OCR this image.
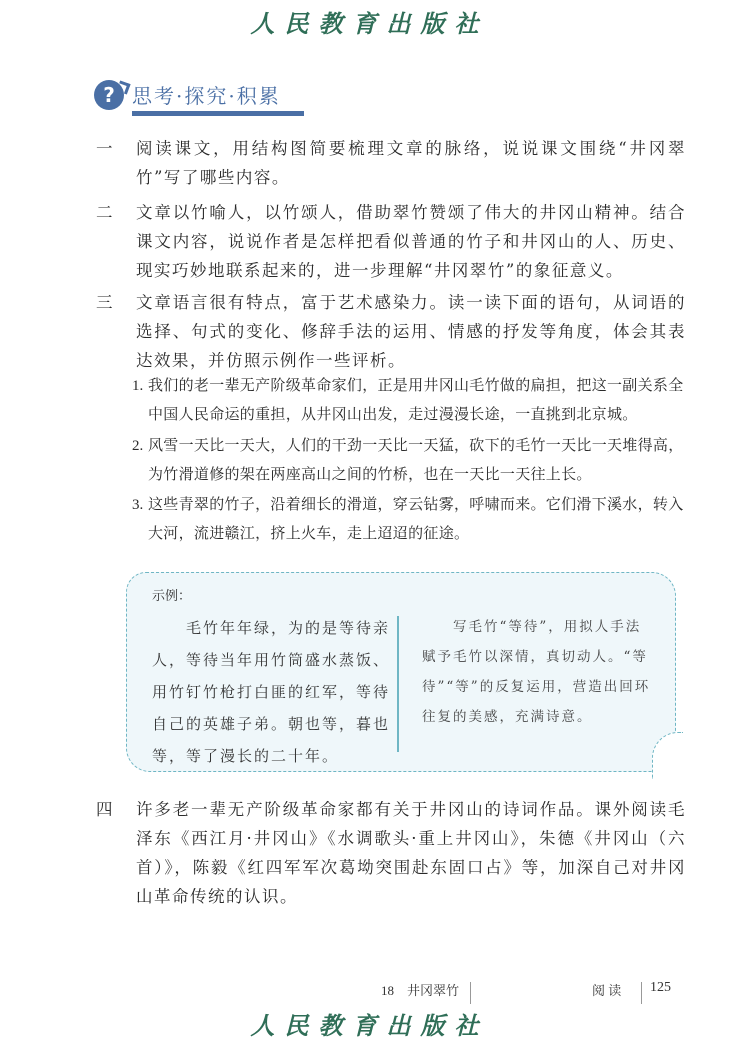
人民教育出版社
? 思考·探究·积累
一	阅读课文，用结构图简要梳理文章的脉络，说说课文围绕“井冈翠竹”写了哪些内容。
二	文章以竹喻人，以竹颂人，借助翠竹赞颂了伟大的井冈山精神。结合课文内容，说说作者是怎样把看似普通的竹子和井冈山的人、历史、现实巧妙地联系起来的，进一步理解“井冈翠竹”的象征意义。
三	文章语言很有特点，富于艺术感染力。读一读下面的语句，从词语的选择、句式的变化、修辞手法的运用、情感的抒发等角度，体会其表达效果，并仿照示例作一些评析。
1. 我们的老一辈无产阶级革命家们，正是用井冈山毛竹做的扁担，把这一副关系全中国人民命运的重担，从井冈山出发，走过漫漫长途，一直挑到北京城。
2. 风雪一天比一天大，人们的干劲一天比一天猛，砍下的毛竹一天比一天堆得高，为竹滑道修的架在两座高山之间的竹桥，也在一天比一天往上长。
3. 这些青翠的竹子，沿着细长的滑道，穿云钻雾，呼啸而来。它们滑下溪水，转入大河，流进赣江，挤上火车，走上迢迢的征途。
示例：
　　毛竹年年绿，为的是等待亲人，等待当年用竹筒盛水蒸饭、用竹钉竹枪打白匪的红军，等待自己的英雄子弟。朝也等，暮也等，等了漫长的二十年。
　　写毛竹“等待”，用拟人手法赋予毛竹以深情，真切动人。“等待”“等”的反复运用，营造出回环往复的美感，充满诗意。
四	许多老一辈无产阶级革命家都有关于井冈山的诗词作品。课外阅读毛泽东《西江月·井冈山》《水调歌头·重上井冈山》，朱德《井冈山（六首）》，陈毅《红四军军次葛坳突围赴东固口占》等，加深自己对井冈山革命传统的认识。
18　井冈翠竹	阅 读 125
人民教育出版社
